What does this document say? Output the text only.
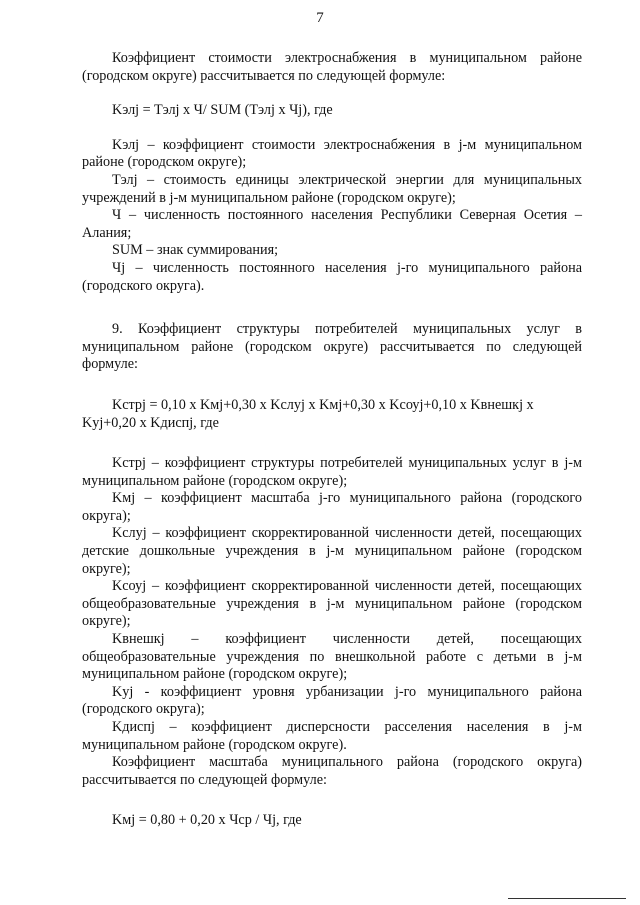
7

Коэффициент стоимости электроснабжения в муниципальном районе (городском округе) рассчитывается по следующей формуле:

Kэлj = Tэлj x Ч/ SUM (Tэлj x Чj), где

Kэлj – коэффициент стоимости электроснабжения в j-м муниципальном районе (городском округе);

Tэлj – стоимость единицы электрической энергии для муниципальных учреждений в j-м муниципальном районе (городском округе);

Ч – численность постоянного населения Республики Северная Осетия – Алания;

SUM – знак суммирования;

Чj – численность постоянного населения j-го муниципального района (городского округа).

9. Коэффициент структуры потребителей муниципальных услуг в муниципальном районе (городском округе) рассчитывается по следующей формуле:

Kстрj = 0,10 x Kмj+0,30 x Kслуj x Kмj+0,30 x Kсоуj+0,10 x Kвнешкj x Kуj+0,20 x Kдиспj, где

Kстрj – коэффициент структуры потребителей муниципальных услуг в j-м муниципальном районе (городском округе);

Kмj – коэффициент масштаба j-го муниципального района (городского округа);

Kслуj – коэффициент скорректированной численности детей, посещающих детские дошкольные учреждения в j-м муниципальном районе (городском округе);

Kсоуj – коэффициент скорректированной численности детей, посещающих общеобразовательные учреждения в j-м муниципальном районе (городском округе);

Kвнешкj – коэффициент численности детей, посещающих общеобразовательные учреждения по внешкольной работе с детьми в j-м муниципальном районе (городском округе);

Kуj - коэффициент уровня урбанизации j-го муниципального района (городского округа);

Kдиспj – коэффициент дисперсности расселения населения в j-м муниципальном районе (городском округе).

Коэффициент масштаба муниципального района (городского округа) рассчитывается по следующей формуле:

Kмj = 0,80 + 0,20 x Чср / Чj, где
